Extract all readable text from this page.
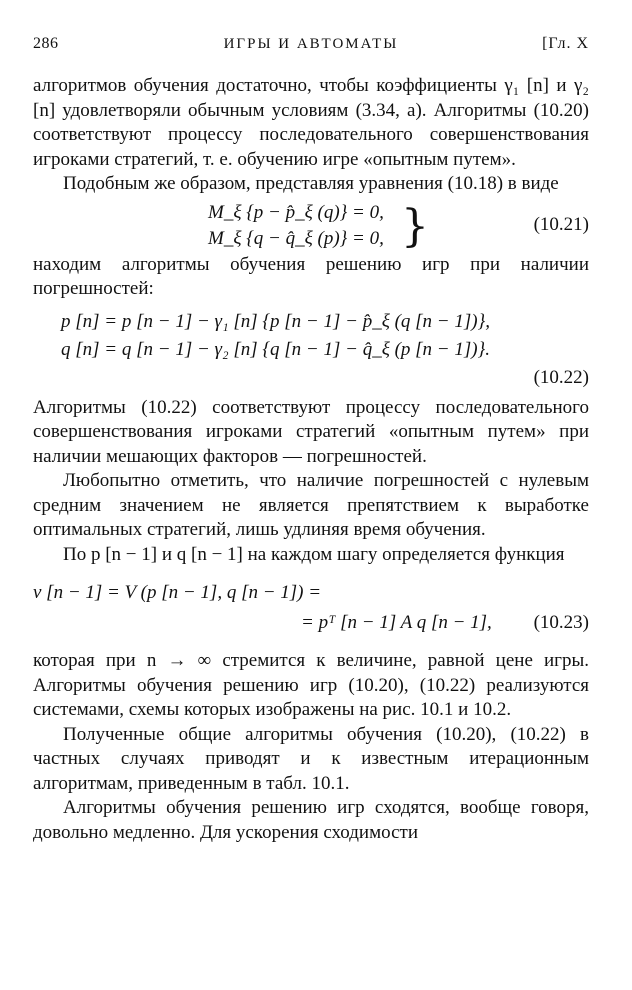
286	ИГРЫ И АВТОМАТЫ	[Гл. X

алгоритмов обучения достаточно, чтобы коэффициенты γ₁ [n] и γ₂ [n] удовлетворяли обычным условиям (3.34, а). Алгоритмы (10.20) соответствуют процессу последовательного совершенствования игроками стратегий, т. е. обучению игре «опытным путем».

Подобным же образом, представляя уравнения (10.18) в виде

M_ξ {p − p̂_ξ (q)} = 0,
M_ξ {q − q̂_ξ (p)} = 0, }	(10.21)

находим алгоритмы обучения решению игр при наличии погрешностей:

p [n] = p [n − 1] − γ₁ [n] {p [n − 1] − p̂_ξ (q [n − 1])},
q [n] = q [n − 1] − γ₂ [n] {q [n − 1] − q̂_ξ (p [n − 1])}.
(10.22)

Алгоритмы (10.22) соответствуют процессу последовательного совершенствования игроками стратегий «опытным путем» при наличии мешающих факторов — погрешностей.

Любопытно отметить, что наличие погрешностей с нулевым средним значением не является препятствием к выработке оптимальных стратегий, лишь удлиняя время обучения.

По p [n − 1] и q [n − 1] на каждом шагу определяется функция

v [n − 1] = V (p [n − 1], q [n − 1]) =
= pᵀ [n − 1] A q [n − 1], (10.23)

которая при n → ∞ стремится к величине, равной цене игры. Алгоритмы обучения решению игр (10.20), (10.22) реализуются системами, схемы которых изображены на рис. 10.1 и 10.2.

Полученные общие алгоритмы обучения (10.20), (10.22) в частных случаях приводят и к известным итерационным алгоритмам, приведенным в табл. 10.1.

Алгоритмы обучения решению игр сходятся, вообще говоря, довольно медленно. Для ускорения сходимости
